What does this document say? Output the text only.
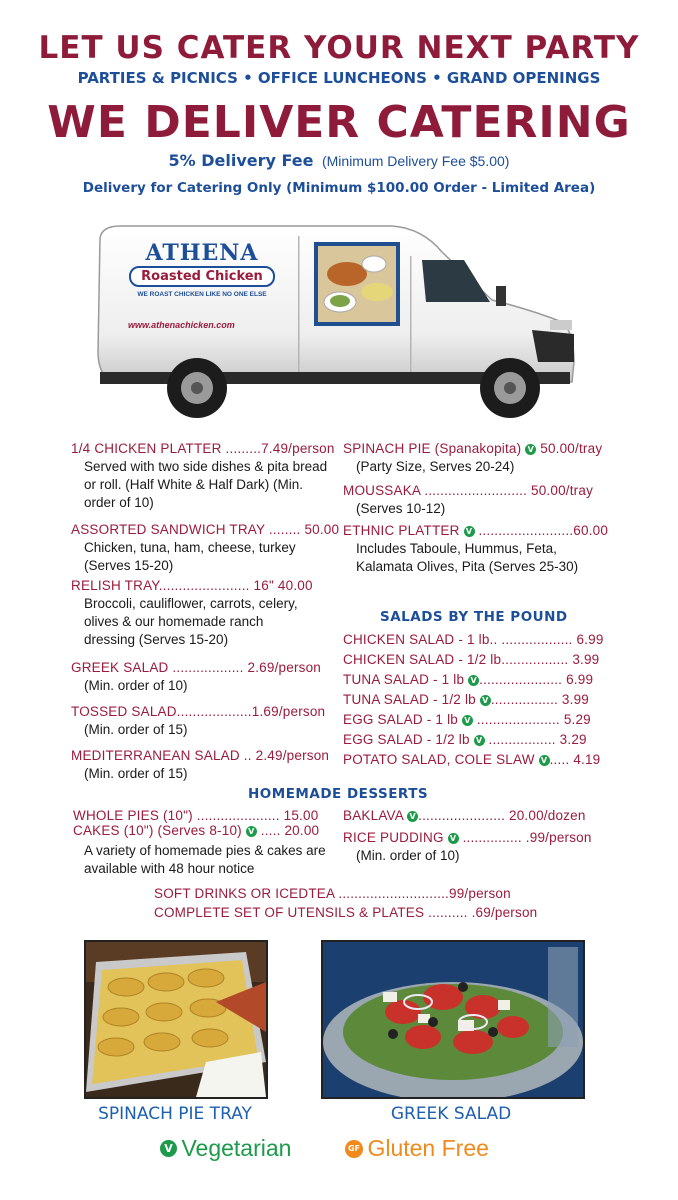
LET US CATER YOUR NEXT PARTY
PARTIES & PICNICS • OFFICE LUNCHEONS • GRAND OPENINGS
WE DELIVER CATERING
5% Delivery Fee (Minimum Delivery Fee $5.00)
Delivery for Catering Only (Minimum $100.00 Order - Limited Area)
ATHENA
Roasted Chicken
WE ROAST CHICKEN LIKE NO ONE ELSE
www.athenachicken.com
1/4 CHICKEN PLATTER .........7.49/person
Served with two side dishes & pita bread or roll. (Half White & Half Dark) (Min. order of 10)
ASSORTED SANDWICH TRAY ........ 50.00
Chicken, tuna, ham, cheese, turkey (Serves 15-20)
RELISH TRAY....................... 16" 40.00
Broccoli, cauliflower, carrots, celery, olives & our homemade ranch dressing (Serves 15-20)
GREEK SALAD .................. 2.69/person
(Min. order of 10)
TOSSED SALAD...................1.69/person
(Min. order of 15)
MEDITERRANEAN SALAD .. 2.49/person
(Min. order of 15)
SPINACH PIE (Spanakopita) V 50.00/tray
(Party Size, Serves 20-24)
MOUSSAKA .......................... 50.00/tray
(Serves 10-12)
ETHNIC PLATTER V ........................60.00
Includes Taboule, Hummus, Feta, Kalamata Olives, Pita (Serves 25-30)
SALADS BY THE POUND
CHICKEN SALAD - 1 lb.. .................. 6.99
CHICKEN SALAD - 1/2 lb................. 3.99
TUNA SALAD - 1 lb V ..................... 6.99
TUNA SALAD - 1/2 lb V ................. 3.99
EGG SALAD - 1 lb V ..................... 5.29
EGG SALAD - 1/2 lb V ................. 3.29
POTATO SALAD, COLE SLAW V ..... 4.19
HOMEMADE DESSERTS
WHOLE PIES (10") ..................... 15.00
CAKES (10") (Serves 8-10) V ..... 20.00
A variety of homemade pies & cakes are available with 48 hour notice
BAKLAVA V ...................... 20.00/dozen
RICE PUDDING V ............... .99/person
(Min. order of 10)
SOFT DRINKS OR ICEDTEA ............................99/person
COMPLETE SET OF UTENSILS & PLATES .......... .69/person
SPINACH PIE TRAY	GREEK SALAD
V Vegetarian	GF Gluten Free
